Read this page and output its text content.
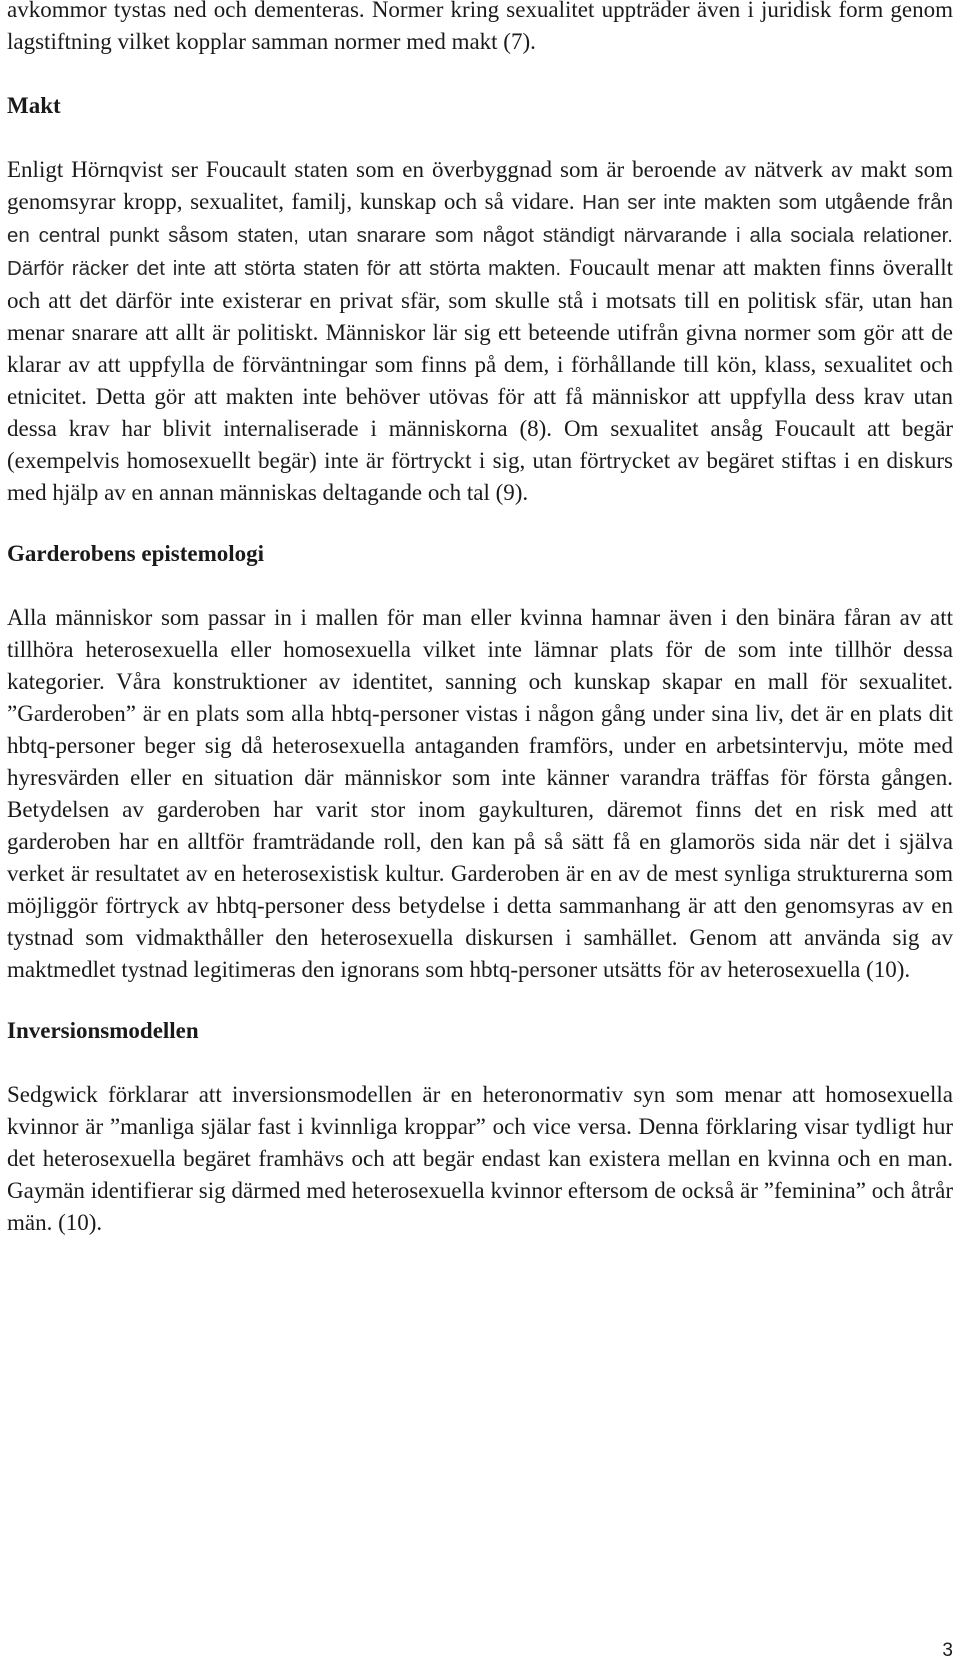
avkommor tystas ned och dementeras. Normer kring sexualitet uppträder även i juridisk form genom lagstiftning vilket kopplar samman normer med makt (7).

Makt

Enligt Hörnqvist ser Foucault staten som en överbyggnad som är beroende av nätverk av makt som genomsyrar kropp, sexualitet, familj, kunskap och så vidare. Han ser inte makten som utgående från en central punkt såsom staten, utan snarare som något ständigt närvarande i alla sociala relationer. Därför räcker det inte att störta staten för att störta makten. Foucault menar att makten finns överallt och att det därför inte existerar en privat sfär, som skulle stå i motsats till en politisk sfär, utan han menar snarare att allt är politiskt. Människor lär sig ett beteende utifrån givna normer som gör att de klarar av att uppfylla de förväntningar som finns på dem, i förhållande till kön, klass, sexualitet och etnicitet. Detta gör att makten inte behöver utövas för att få människor att uppfylla dess krav utan dessa krav har blivit internaliserade i människorna (8). Om sexualitet ansåg Foucault att begär (exempelvis homosexuellt begär) inte är förtryckt i sig, utan förtrycket av begäret stiftas i en diskurs med hjälp av en annan människas deltagande och tal (9).

Garderobens epistemologi

Alla människor som passar in i mallen för man eller kvinna hamnar även i den binära fåran av att tillhöra heterosexuella eller homosexuella vilket inte lämnar plats för de som inte tillhör dessa kategorier. Våra konstruktioner av identitet, sanning och kunskap skapar en mall för sexualitet. ”Garderoben” är en plats som alla hbtq-personer vistas i någon gång under sina liv, det är en plats dit hbtq-personer beger sig då heterosexuella antaganden framförs, under en arbetsintervju, möte med hyresvärden eller en situation där människor som inte känner varandra träffas för första gången. Betydelsen av garderoben har varit stor inom gaykulturen, däremot finns det en risk med att garderoben har en alltför framträdande roll, den kan på så sätt få en glamorös sida när det i själva verket är resultatet av en heterosexistisk kultur. Garderoben är en av de mest synliga strukturerna som möjliggör förtryck av hbtq-personer dess betydelse i detta sammanhang är att den genomsyras av en tystnad som vidmakthåller den heterosexuella diskursen i samhället. Genom att använda sig av maktmedlet tystnad legitimeras den ignorans som hbtq-personer utsätts för av heterosexuella (10).

Inversionsmodellen

Sedgwick förklarar att inversionsmodellen är en heteronormativ syn som menar att homosexuella kvinnor är ”manliga själar fast i kvinnliga kroppar” och vice versa. Denna förklaring visar tydligt hur det heterosexuella begäret framhävs och att begär endast kan existera mellan en kvinna och en man. Gaymän identifierar sig därmed med heterosexuella kvinnor eftersom de också är ”feminina” och åtrår män. (10).

3
